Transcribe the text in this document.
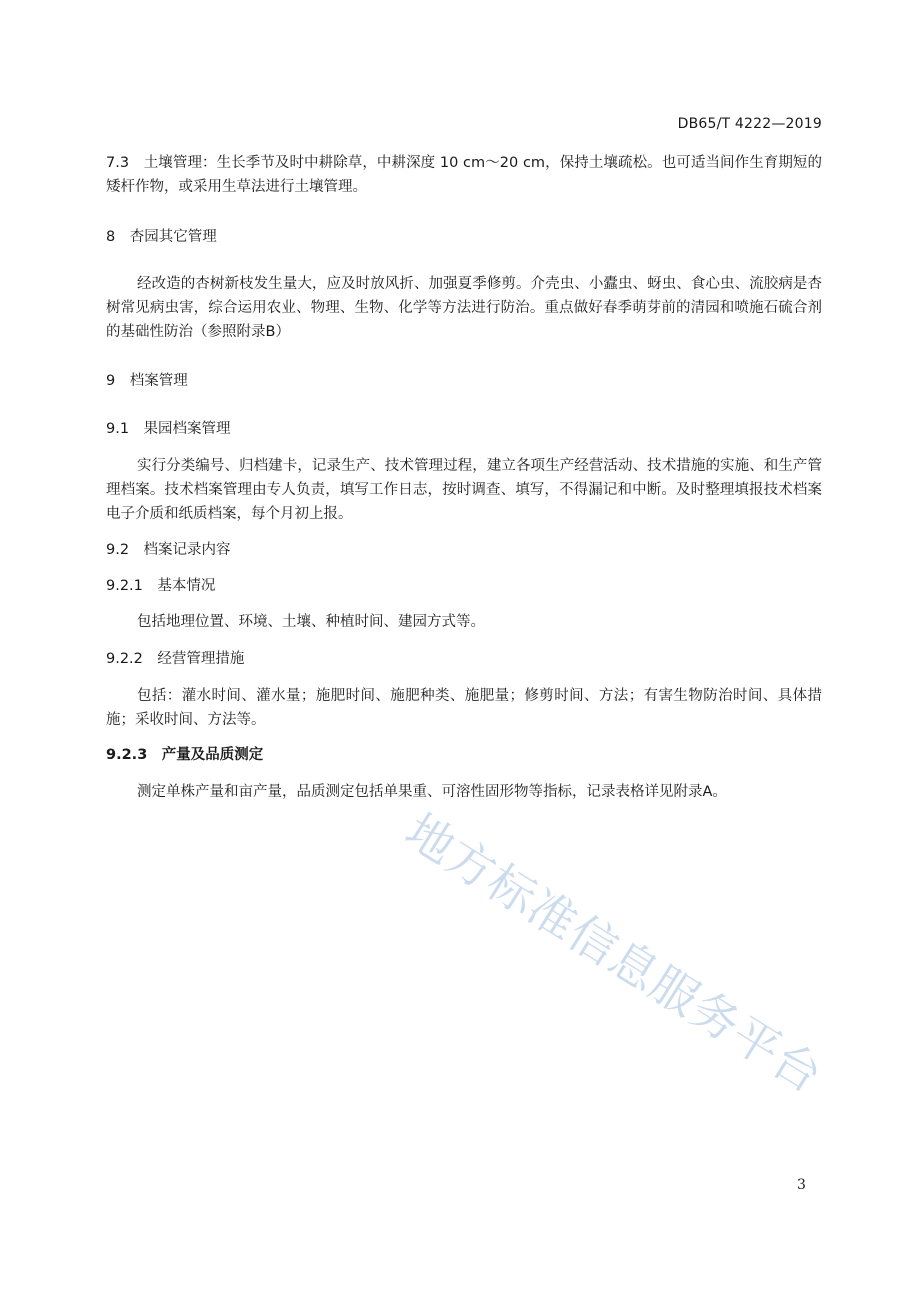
DB65/T 4222—2019
7.3　土壤管理：生长季节及时中耕除草，中耕深度 10 cm～20 cm，保持土壤疏松。也可适当间作生育期短的矮杆作物，或采用生草法进行土壤管理。
8　杏园其它管理
经改造的杏树新枝发生量大，应及时放风折、加强夏季修剪。介壳虫、小蠹虫、蚜虫、食心虫、流胶病是杏树常见病虫害，综合运用农业、物理、生物、化学等方法进行防治。重点做好春季萌芽前的清园和喷施石硫合剂的基础性防治（参照附录B）
9　档案管理
9.1　果园档案管理
实行分类编号、归档建卡，记录生产、技术管理过程，建立各项生产经营活动、技术措施的实施、和生产管理档案。技术档案管理由专人负责，填写工作日志，按时调查、填写，不得漏记和中断。及时整理填报技术档案电子介质和纸质档案，每个月初上报。
9.2　档案记录内容
9.2.1　基本情况
包括地理位置、环境、土壤、种植时间、建园方式等。
9.2.2　经营管理措施
包括：灌水时间、灌水量；施肥时间、施肥种类、施肥量；修剪时间、方法；有害生物防治时间、具体措施；采收时间、方法等。
9.2.3　产量及品质测定
测定单株产量和亩产量，品质测定包括单果重、可溶性固形物等指标，记录表格详见附录A。
地方标准信息服务平台
3
